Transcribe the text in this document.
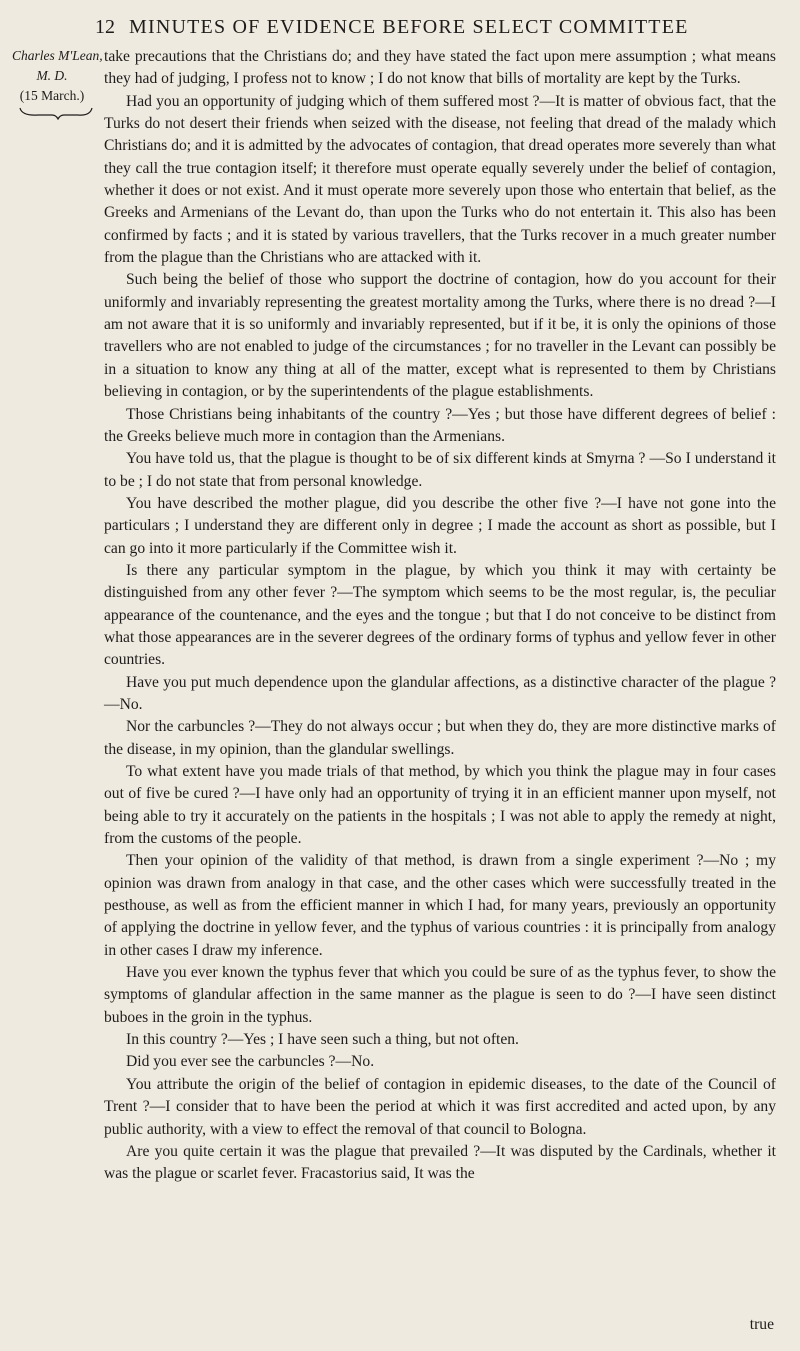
12 MINUTES OF EVIDENCE BEFORE SELECT COMMITTEE
Charles M'Lean,
M. D.
(15 March.)

take precautions that the Christians do; and they have stated the fact upon mere assumption ; what means they had of judging, I profess not to know ; I do not know that bills of mortality are kept by the Turks.

Had you an opportunity of judging which of them suffered most ?—It is matter of obvious fact, that the Turks do not desert their friends when seized with the disease, not feeling that dread of the malady which Christians do; and it is admitted by the advocates of contagion, that dread operates more severely than what they call the true contagion itself; it therefore must operate equally severely under the belief of contagion, whether it does or not exist. And it must operate more severely upon those who entertain that belief, as the Greeks and Armenians of the Levant do, than upon the Turks who do not entertain it. This also has been confirmed by facts ; and it is stated by various travellers, that the Turks recover in a much greater number from the plague than the Christians who are attacked with it.

Such being the belief of those who support the doctrine of contagion, how do you account for their uniformly and invariably representing the greatest mortality among the Turks, where there is no dread ?—I am not aware that it is so uniformly and invariably represented, but if it be, it is only the opinions of those travellers who are not enabled to judge of the circumstances ; for no traveller in the Levant can possibly be in a situation to know any thing at all of the matter, except what is represented to them by Christians believing in contagion, or by the superintendents of the plague establishments.

Those Christians being inhabitants of the country ?—Yes ; but those have different degrees of belief : the Greeks believe much more in contagion than the Armenians.

You have told us, that the plague is thought to be of six different kinds at Smyrna ? —So I understand it to be ; I do not state that from personal knowledge.

You have described the mother plague, did you describe the other five ?—I have not gone into the particulars ; I understand they are different only in degree ; I made the account as short as possible, but I can go into it more particularly if the Committee wish it.

Is there any particular symptom in the plague, by which you think it may with certainty be distinguished from any other fever ?—The symptom which seems to be the most regular, is, the peculiar appearance of the countenance, and the eyes and the tongue ; but that I do not conceive to be distinct from what those appearances are in the severer degrees of the ordinary forms of typhus and yellow fever in other countries.

Have you put much dependence upon the glandular affections, as a distinctive character of the plague ?—No.

Nor the carbuncles ?—They do not always occur ; but when they do, they are more distinctive marks of the disease, in my opinion, than the glandular swellings.

To what extent have you made trials of that method, by which you think the plague may in four cases out of five be cured ?—I have only had an opportunity of trying it in an efficient manner upon myself, not being able to try it accurately on the patients in the hospitals ; I was not able to apply the remedy at night, from the customs of the people.

Then your opinion of the validity of that method, is drawn from a single experiment ?—No ; my opinion was drawn from analogy in that case, and the other cases which were successfully treated in the pesthouse, as well as from the efficient manner in which I had, for many years, previously an opportunity of applying the doctrine in yellow fever, and the typhus of various countries : it is principally from analogy in other cases I draw my inference.

Have you ever known the typhus fever that which you could be sure of as the typhus fever, to show the symptoms of glandular affection in the same manner as the plague is seen to do ?—I have seen distinct buboes in the groin in the typhus.

In this country ?—Yes ; I have seen such a thing, but not often.

Did you ever see the carbuncles ?—No.

You attribute the origin of the belief of contagion in epidemic diseases, to the date of the Council of Trent ?—I consider that to have been the period at which it was first accredited and acted upon, by any public authority, with a view to effect the removal of that council to Bologna.

Are you quite certain it was the plague that prevailed ?—It was disputed by the Cardinals, whether it was the plague or scarlet fever. Fracastorius said, It was the

true
